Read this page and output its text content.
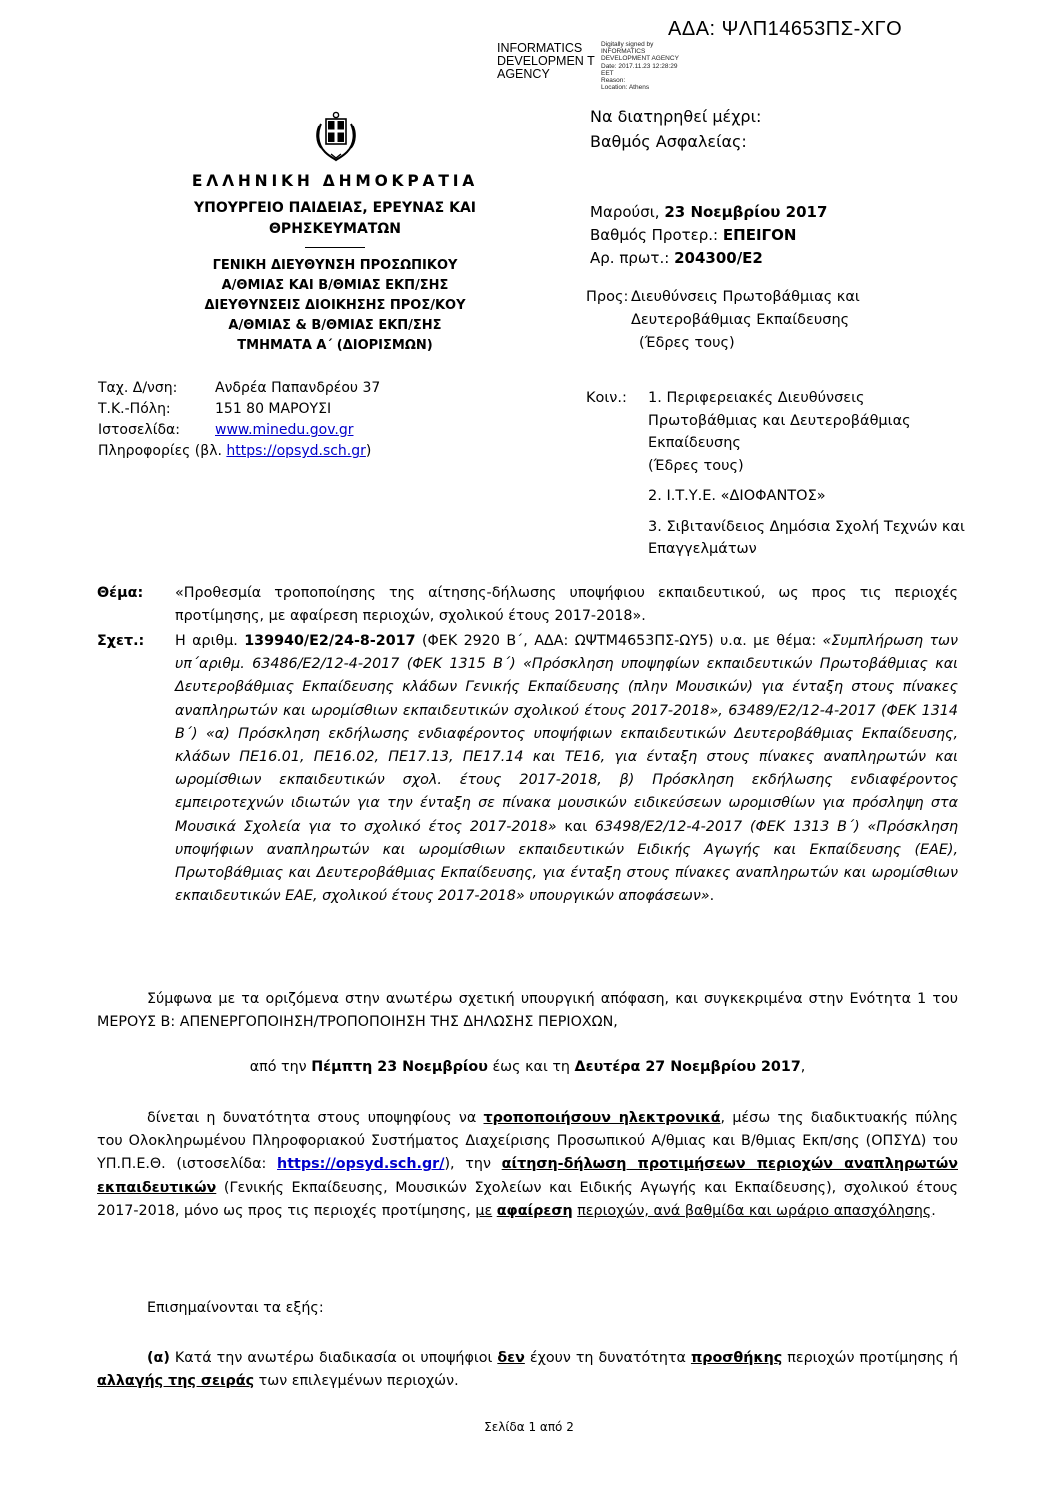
ΑΔΑ: ΨΛΠ14653ΠΣ-ΧΓΟ
INFORMATICS DEVELOPMEN T AGENCY
Digitally signed by
INFORMATICS
DEVELOPMENT AGENCY
Date: 2017.11.23 12:28:29
EET
Reason:
Location: Athens
Να διατηρηθεί μέχρι:
Βαθμός Ασφαλείας:
ΕΛΛΗΝΙΚΗ ΔΗΜΟΚΡΑΤΙΑ
ΥΠΟΥΡΓΕΙΟ ΠΑΙΔΕΙΑΣ, ΕΡΕΥΝΑΣ ΚΑΙ
ΘΡΗΣΚΕΥΜΑΤΩΝ
ΓΕΝΙΚΗ ΔΙΕΥΘΥΝΣΗ ΠΡΟΣΩΠΙΚΟΥ
Α/ΘΜΙΑΣ ΚΑΙ Β/ΘΜΙΑΣ ΕΚΠ/ΣΗΣ
ΔΙΕΥΘΥΝΣΕΙΣ ΔΙΟΙΚΗΣΗΣ ΠΡΟΣ/ΚΟΥ
Α/ΘΜΙΑΣ & Β/ΘΜΙΑΣ ΕΚΠ/ΣΗΣ
ΤΜΗΜΑΤΑ Α΄ (ΔΙΟΡΙΣΜΩΝ)
Ταχ. Δ/νση:	Ανδρέα Παπανδρέου 37
Τ.Κ.-Πόλη:	151 80 ΜΑΡΟΥΣΙ
Ιστοσελίδα:	www.minedu.gov.gr
Πληροφορίες (βλ.
https://opsyd.sch.gr )
Μαρούσι, 23 Νοεμβρίου 2017
Βαθμός Προτερ.: ΕΠΕΙΓΟΝ
Αρ. πρωτ.: 204300/Ε2
Προς: Διευθύνσεις Πρωτοβάθμιας και
Δευτεροβάθμιας Εκπαίδευσης
(Έδρες τους)
Κοιν.: 1. Περιφερειακές Διευθύνσεις Πρωτοβάθμιας και Δευτεροβάθμιας Εκπαίδευσης
(Έδρες τους)
2. Ι.Τ.Υ.Ε. «ΔΙΟΦΑΝΤΟΣ»
3. Σιβιτανίδειος Δημόσια Σχολή Τεχνών και Επαγγελμάτων
Θέμα: «Προθεσμία τροποποίησης της αίτησης-δήλωσης υποψήφιου εκπαιδευτικού, ως προς τις περιοχές προτίμησης, με αφαίρεση περιοχών, σχολικού έτους 2017-2018».
Σχετ.: Η αριθμ. 139940/Ε2/24-8-2017 (ΦΕΚ 2920 Β΄, ΑΔΑ: ΩΨΤΜ4653ΠΣ-ΩΥ5) υ.α. με θέμα: «Συμπλήρωση των υπ΄αριθμ. 63486/Ε2/12-4-2017 (ΦΕΚ 1315 Β΄) «Πρόσκληση υποψηφίων εκπαιδευτικών Πρωτοβάθμιας και Δευτεροβάθμιας Εκπαίδευσης κλάδων Γενικής Εκπαίδευσης (πλην Μουσικών) για ένταξη στους πίνακες αναπληρωτών και ωρομίσθιων εκπαιδευτικών σχολικού έτους 2017-2018», 63489/Ε2/12-4-2017 (ΦΕΚ 1314 Β΄) «α) Πρόσκληση εκδήλωσης ενδιαφέροντος υποψήφιων εκπαιδευτικών Δευτεροβάθμιας Εκπαίδευσης, κλάδων ΠΕ16.01, ΠΕ16.02, ΠΕ17.13, ΠΕ17.14 και ΤΕ16, για ένταξη στους πίνακες αναπληρωτών και ωρομίσθιων εκπαιδευτικών σχολ. έτους 2017-2018, β) Πρόσκληση εκδήλωσης ενδιαφέροντος εμπειροτεχνών ιδιωτών για την ένταξη σε πίνακα μουσικών ειδικεύσεων ωρομισθίων για πρόσληψη στα Μουσικά Σχολεία για το σχολικό έτος 2017-2018» και 63498/Ε2/12-4-2017 (ΦΕΚ 1313 Β΄) «Πρόσκληση υποψήφιων αναπληρωτών και ωρομίσθιων εκπαιδευτικών Ειδικής Αγωγής και Εκπαίδευσης (ΕΑΕ), Πρωτοβάθμιας και Δευτεροβάθμιας Εκπαίδευσης, για ένταξη στους πίνακες αναπληρωτών και ωρομίσθιων εκπαιδευτικών ΕΑΕ, σχολικού έτους 2017-2018» υπουργικών αποφάσεων».
Σύμφωνα με τα οριζόμενα στην ανωτέρω σχετική υπουργική απόφαση, και συγκεκριμένα στην Ενότητα 1 του ΜΕΡΟΥΣ Β: ΑΠΕΝΕΡΓΟΠΟΙΗΣΗ/ΤΡΟΠΟΠΟΙΗΣΗ ΤΗΣ ΔΗΛΩΣΗΣ ΠΕΡΙΟΧΩΝ,
από την Πέμπτη 23 Νοεμβρίου έως και τη Δευτέρα 27 Νοεμβρίου 2017,
δίνεται η δυνατότητα στους υποψηφίους να τροποποιήσουν ηλεκτρονικά, μέσω της διαδικτυακής πύλης του Ολοκληρωμένου Πληροφοριακού Συστήματος Διαχείρισης Προσωπικού Α/θμιας και Β/θμιας Εκπ/σης (ΟΠΣΥΔ) του ΥΠ.Π.Ε.Θ. (ιστοσελίδα: https://opsyd.sch.gr/), την αίτηση-δήλωση προτιμήσεων περιοχών αναπληρωτών εκπαιδευτικών (Γενικής Εκπαίδευσης, Μουσικών Σχολείων και Ειδικής Αγωγής και Εκπαίδευσης), σχολικού έτους 2017-2018, μόνο ως προς τις περιοχές προτίμησης, με αφαίρεση περιοχών, ανά βαθμίδα και ωράριο απασχόλησης.
Επισημαίνονται τα εξής:
(α) Κατά την ανωτέρω διαδικασία οι υποψήφιοι δεν έχουν τη δυνατότητα προσθήκης περιοχών προτίμησης ή αλλαγής της σειράς των επιλεγμένων περιοχών.
Σελίδα 1 από 2
